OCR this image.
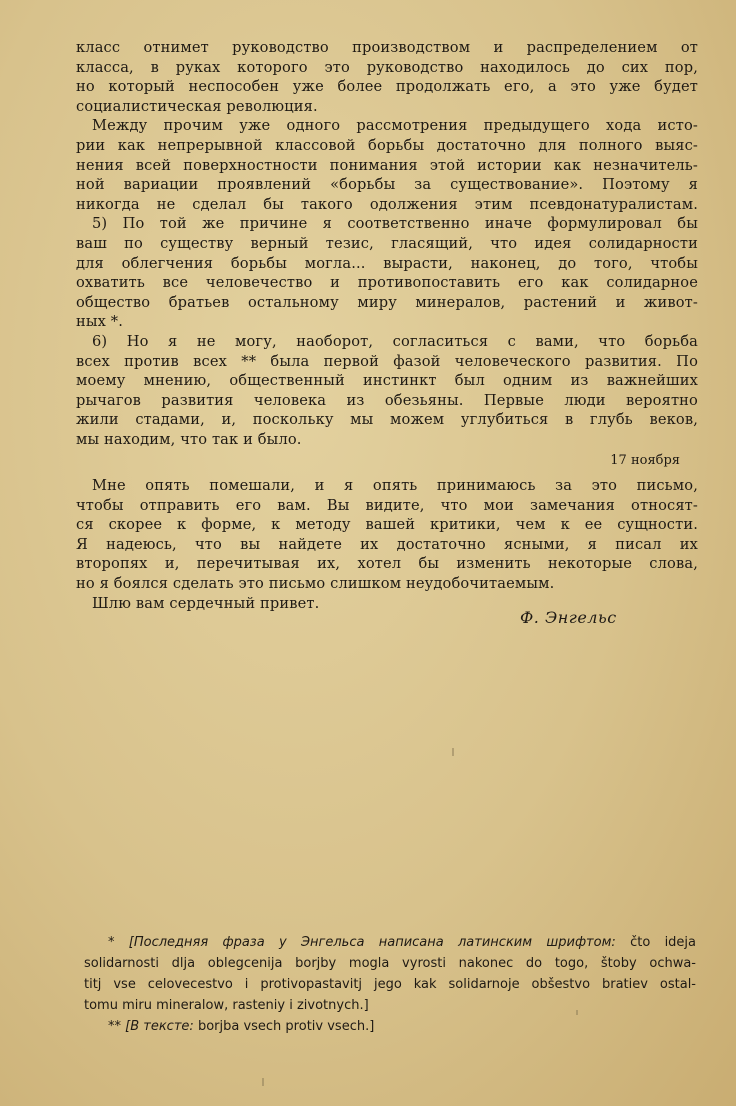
класс отнимет руководство производством и распределением от
класса, в руках которого это руководство находилось до сих пор,
но который неспособен уже более продолжать его, а это уже будет
социалистическая революция.
Между прочим уже одного рассмотрения предыдущего хода исто-
рии как непрерывной классовой борьбы достаточно для полного выяс-
нения всей поверхностности понимания этой истории как незначитель-
ной вариации проявлений «борьбы за существование». Поэтому я
никогда не сделал бы такого одолжения этим псевдонатуралистам.
5) По той же причине я соответственно иначе формулировал бы
ваш по существу верный тезис, гласящий, что идея солидарности
для облегчения борьбы могла... вырасти, наконец, до того, чтобы
охватить все человечество и противопоставить его как солидарное
общество братьев остальному миру минералов, растений и живот-
ных *.
6) Но я не могу, наоборот, согласиться с вами, что борьба
всех против всех ** была первой фазой человеческого развития. По
моему мнению, общественный инстинкт был одним из важнейших
рычагов развития человека из обезьяны. Первые люди вероятно
жили стадами, и, поскольку мы можем углубиться в глубь веков,
мы находим, что так и было.
17 ноября
Мне опять помешали, и я опять принимаюсь за это письмо,
чтобы отправить его вам. Вы видите, что мои замечания относят-
ся скорее к форме, к методу вашей критики, чем к ее сущности.
Я надеюсь, что вы найдете их достаточно ясными, я писал их
второпях и, перечитывая их, хотел бы изменить некоторые слова,
но я боялся сделать это письмо слишком неудобочитаемым.
Шлю вам сердечный привет.
Ф. Энгельс
* [Последняя фраза у Энгельса написана латинским шрифтом: čto ideja
solidarnosti dlja oblegcenija borjby mogla vyrosti nakonec do togo, štoby ochwa-
titj vse celovecestvo i protivopastavitj jego kak solidarnoje obšestvo bratiev ostal-
tomu miru mineralow, rasteniy i zivotnych.]
** [В тексте: borjba vsech protiv vsech.]
